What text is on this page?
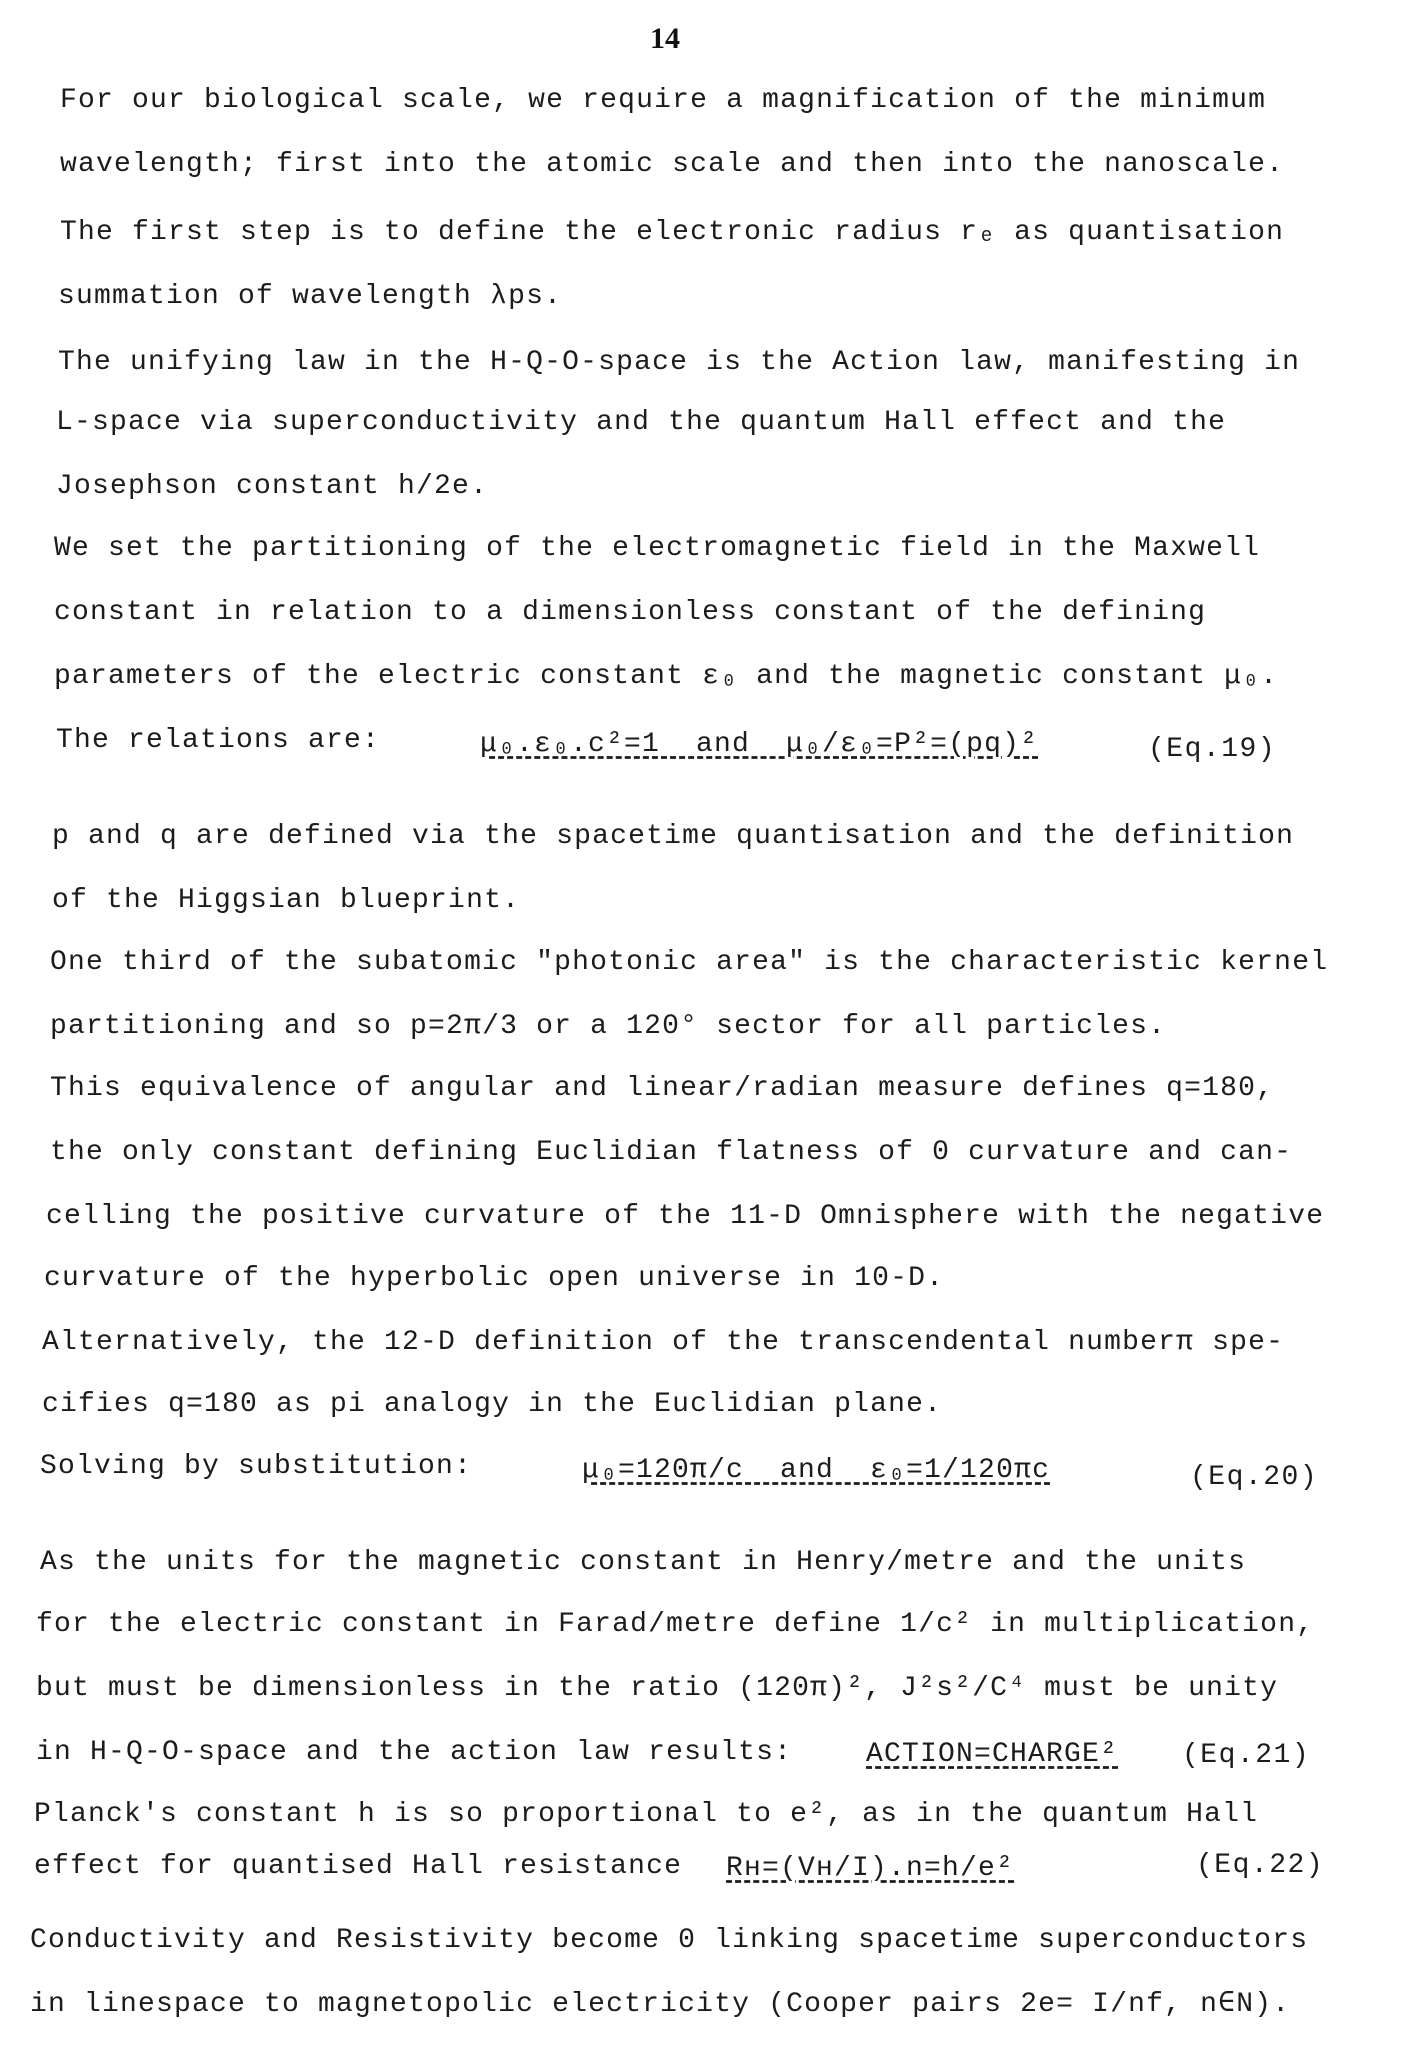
14
For our biological scale, we require a magnification of the minimum
wavelength; first into the atomic scale and then into the nanoscale.
The first step is to define the electronic radius rₑ as quantisation
summation of wavelength λps.
The unifying law in the H-Q-O-space is the Action law, manifesting in
L-space via superconductivity and the quantum Hall effect and the
Josephson constant h/2e.
We set the partitioning of the electromagnetic field in the Maxwell
constant in relation to a dimensionless constant of the defining
parameters of the electric constant ε₀ and the magnetic constant μ₀.
The relations are:	μ₀.ε₀.c²=1  and  μ₀/ε₀=P²=(pq)²	(Eq.19)
p and q are defined via the spacetime quantisation and the definition
of the Higgsian blueprint.
One third of the subatomic "photonic area" is the characteristic kernel
partitioning and so p=2π/3 or a 120° sector for all particles.
This equivalence of angular and linear/radian measure defines q=180,
the only constant defining Euclidian flatness of 0 curvature and can-
celling the positive curvature of the 11-D Omnisphere with the negative
curvature of the hyperbolic open universe in 10-D.
Alternatively, the 12-D definition of the transcendental numberπ spe-
cifies q=180 as pi analogy in the Euclidian plane.
Solving by substitution:	μ₀=120π/c  and  ε₀=1/120πc	(Eq.20)
As the units for the magnetic constant in Henry/metre and the units
for the electric constant in Farad/metre define 1/c² in multiplication,
but must be dimensionless in the ratio (120π)², J²s²/C⁴ must be unity
in H-Q-O-space and the action law results:	ACTION=CHARGE² (Eq.21)
Planck's constant h is so proportional to e², as in the quantum Hall
effect for quantised Hall resistance Rʜ=(Vʜ/I).n=h/e²	(Eq.22)
Conductivity and Resistivity become 0 linking spacetime superconductors
in linespace to magnetopolic electricity (Cooper pairs 2e= I/nf, n∈N).
